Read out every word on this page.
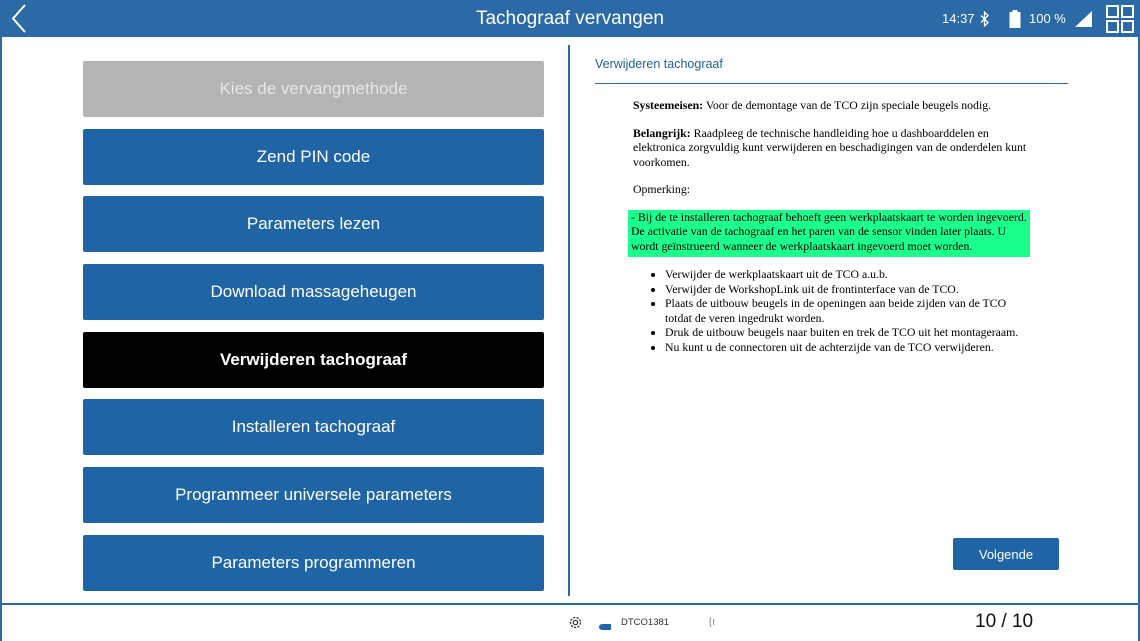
Tachograaf vervangen	14:37	100 %
Kies de vervangmethode
Zend PIN code
Parameters lezen
Download massageheugen
Verwijderen tachograaf
Installeren tachograaf
Programmeer universele parameters
Parameters programmeren
Verwijderen tachograaf

Systeemeisen: Voor de demontage van de TCO zijn speciale beugels nodig.

Belangrijk: Raadpleeg de technische handleiding hoe u dashboarddelen en elektronica zorgvuldig kunt verwijderen en beschadigingen van de onderdelen kunt voorkomen.

Opmerking:

- Bij de te installeren tachograaf behoeft geen werkplaatskaart te worden ingevoerd. De activatie van de tachograaf en het paren van de sensor vinden later plaats. U wordt geïnstrueerd wanneer de werkplaatskaart ingevoerd moet worden.
• Verwijder de werkplaatskaart uit de TCO a.u.b.
• Verwijder de WorkshopLink uit de frontinterface van de TCO.
• Plaats de uitbouw beugels in de openingen aan beide zijden van de TCO totdat de veren ingedrukt worden.
• Druk de uitbouw beugels naar buiten en trek de TCO uit het montageraam.
• Nu kunt u de connectoren uit de achterzijde van de TCO verwijderen.
Volgende
DTCO1381	10 / 10
